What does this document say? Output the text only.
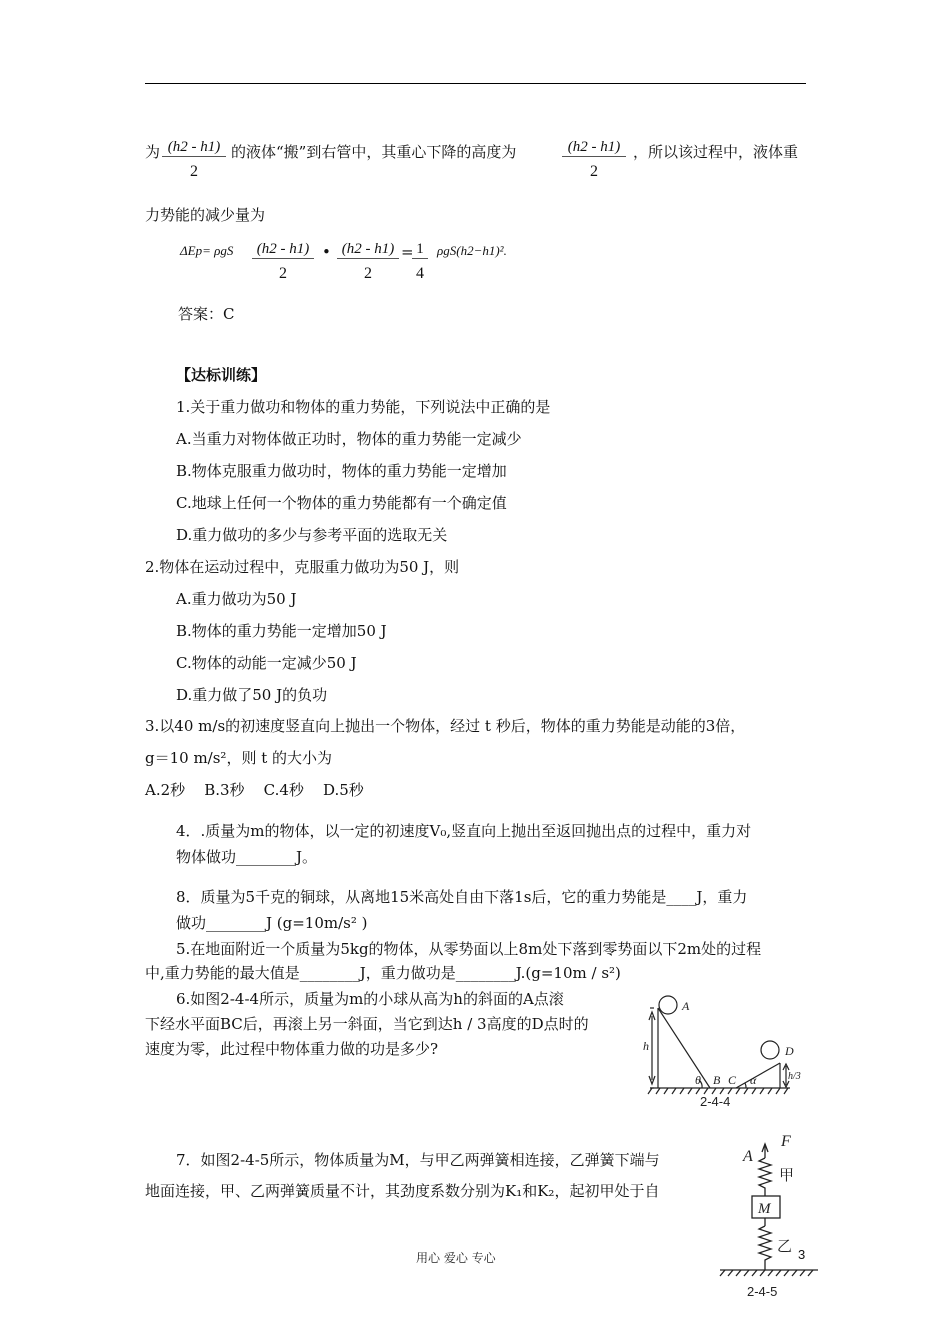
为 $\frac{(h2 - h1)}{2}$ 的液体“搬”到右管中，其重心下降的高度为	$\frac{(h2 - h1)}{2}$ ，所以该过程中，液体重
力势能的减少量为
ΔEp= ρgS $\frac{(h2 - h1)}{2}$ • $\frac{(h2 - h1)}{2}$ =
$\frac{1}{4} \rho gS(h2-h1)^2$.
答案：C
【达标训练】
1.关于重力做功和物体的重力势能，下列说法中正确的是
A.当重力对物体做正功时，物体的重力势能一定减少
B.物体克服重力做功时，物体的重力势能一定增加
C.地球上任何一个物体的重力势能都有一个确定值
D.重力做功的多少与参考平面的选取无关
2.物体在运动过程中，克服重力做功为50 J，则
A.重力做功为50 J
B.物体的重力势能一定增加50 J
C.物体的动能一定减少50 J
D.重力做了50 J的负功
3.以40 m/s的初速度竖直向上抛出一个物体，经过 t 秒后，物体的重力势能是动能的3倍，
g＝10 m/s²，则 t 的大小为
A.2秒    B.3秒    C.4秒    D.5秒
4．.质量为m的物体，以一定的初速度V₀,竖直向上抛出至返回抛出点的过程中，重力对
物体做功________J。
8．质量为5千克的铜球，从离地15米高处自由下落1s后，它的重力势能是____J，重力
做功________J (g=10m/s² )
5.在地面附近一个质量为5kg的物体，从零势面以上8m处下落到零势面以下2m处的过程
中,重力势能的最大值是________J，重力做功是________J.(g=10m / s²)
6.如图2-4-4所示，质量为m的小球从高为h的斜面的A点滚
下经水平面BC后，再滚上另一斜面，当它到达h / 3高度的D点时的
速度为零，此过程中物体重力做的功是多少?
A
h
θ B C α
D
h/3
2-4-4
7．如图2-4-5所示，物体质量为M，与甲乙两弹簧相连接，乙弹簧下端与
地面连接，甲、乙两弹簧质量不计，其劲度系数分别为K₁和K₂，起初甲处于自
A
F
甲
M
乙
2-4-5
3
用心 爱心 专心
